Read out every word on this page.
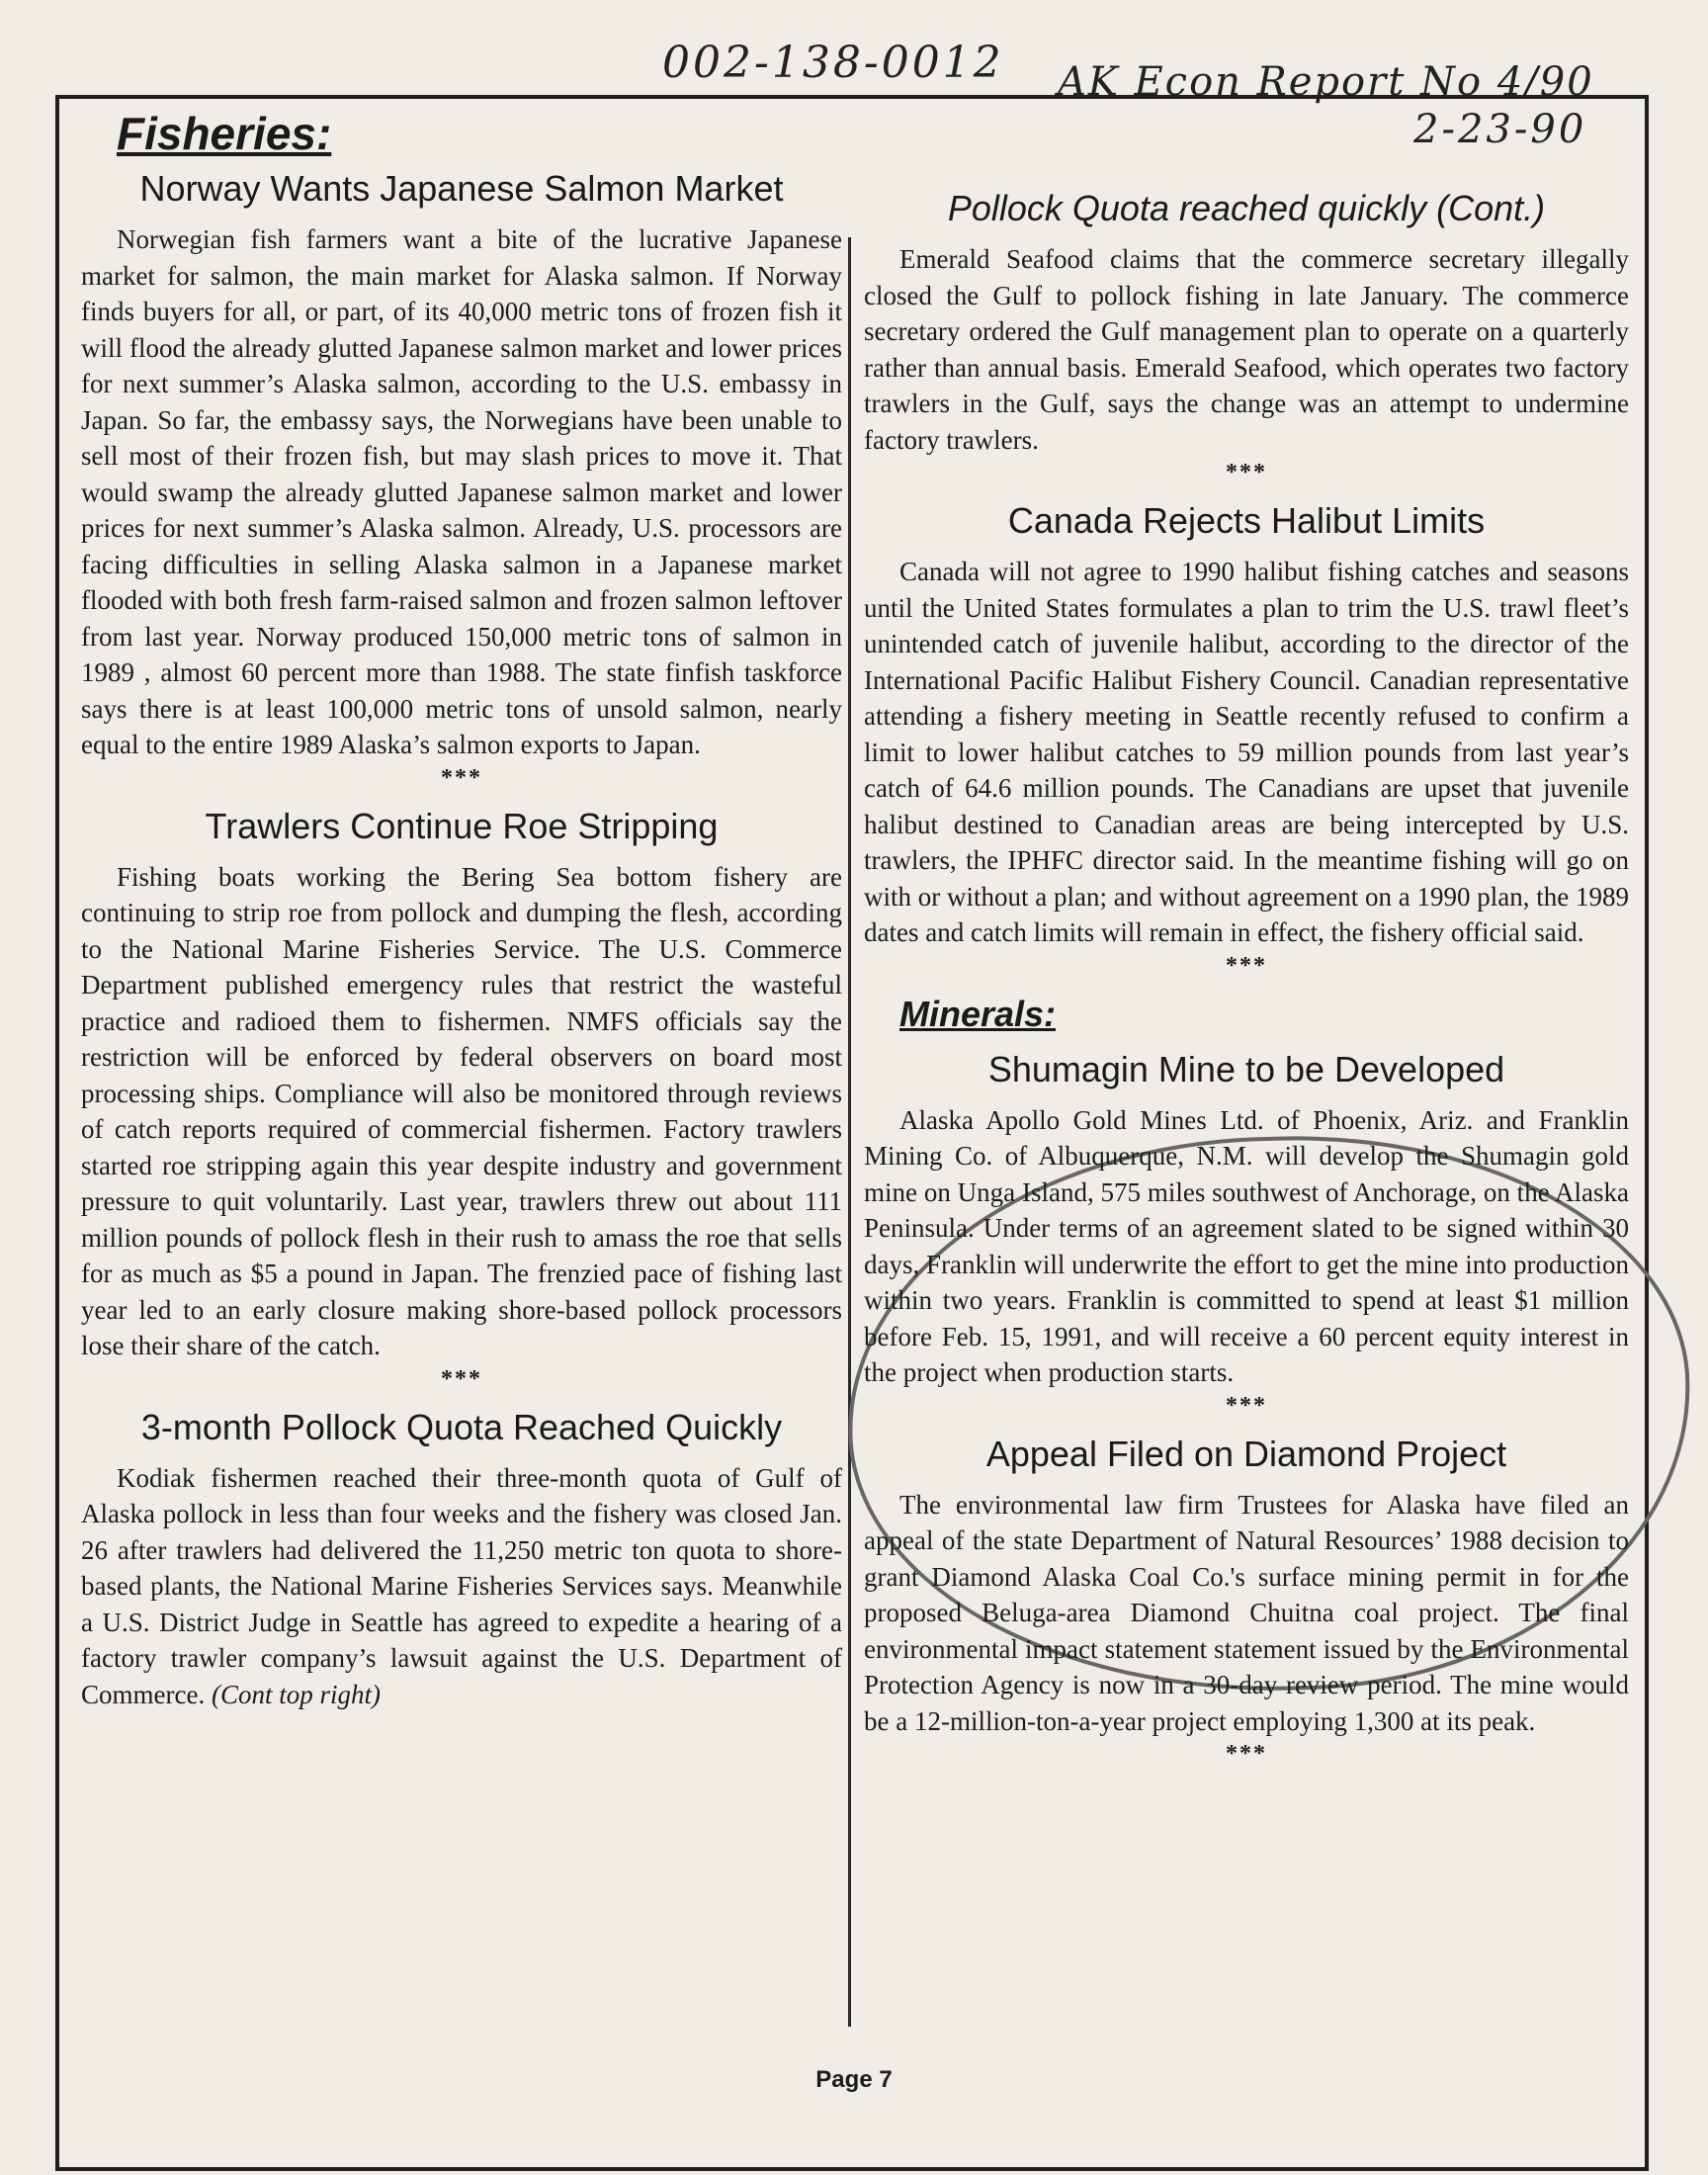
002-138-0012 AK Econ Report No 4/90
2-23-90
Fisheries:
Norway Wants Japanese Salmon Market

Norwegian fish farmers want a bite of the lucrative Japanese market for salmon, the main market for Alaska salmon. If Norway finds buyers for all, or part, of its 40,000 metric tons of frozen fish it will flood the already glutted Japanese salmon market and lower prices for next summer’s Alaska salmon, according to the U.S. embassy in Japan. So far, the embassy says, the Norwegians have been unable to sell most of their frozen fish, but may slash prices to move it. That would swamp the already glutted Japanese salmon market and lower prices for next summer’s Alaska salmon. Already, U.S. processors are facing difficulties in selling Alaska salmon in a Japanese market flooded with both fresh farm-raised salmon and frozen salmon leftover from last year. Norway produced 150,000 metric tons of salmon in 1989 , almost 60 percent more than 1988. The state finfish taskforce says there is at least 100,000 metric tons of unsold salmon, nearly equal to the entire 1989 Alaska’s salmon exports to Japan.

***
Trawlers Continue Roe Stripping

Fishing boats working the Bering Sea bottom fishery are continuing to strip roe from pollock and dumping the flesh, according to the National Marine Fisheries Service. The U.S. Commerce Department published emergency rules that restrict the wasteful practice and radioed them to fishermen. NMFS officials say the restriction will be enforced by federal observers on board most processing ships. Compliance will also be monitored through reviews of catch reports required of commercial fishermen. Factory trawlers started roe stripping again this year despite industry and government pressure to quit voluntarily. Last year, trawlers threw out about 111 million pounds of pollock flesh in their rush to amass the roe that sells for as much as $5 a pound in Japan. The frenzied pace of fishing last year led to an early closure making shore-based pollock processors lose their share of the catch.

***
3-month Pollock Quota Reached Quickly

Kodiak fishermen reached their three-month quota of Gulf of Alaska pollock in less than four weeks and the fishery was closed Jan. 26 after trawlers had delivered the 11,250 metric ton quota to shore-based plants, the National Marine Fisheries Services says. Meanwhile a U.S. District Judge in Seattle has agreed to expedite a hearing of a factory trawler company’s lawsuit against the U.S. Department of Commerce. (Cont top right)

Pollock Quota reached quickly (Cont.)

Emerald Seafood claims that the commerce secretary illegally closed the Gulf to pollock fishing in late January. The commerce secretary ordered the Gulf management plan to operate on a quarterly rather than annual basis. Emerald Seafood, which operates two factory trawlers in the Gulf, says the change was an attempt to undermine factory trawlers.

***
Canada Rejects Halibut Limits

Canada will not agree to 1990 halibut fishing catches and seasons until the United States formulates a plan to trim the U.S. trawl fleet’s unintended catch of juvenile halibut, according to the director of the International Pacific Halibut Fishery Council. Canadian representative attending a fishery meeting in Seattle recently refused to confirm a limit to lower halibut catches to 59 million pounds from last year’s catch of 64.6 million pounds. The Canadians are upset that juvenile halibut destined to Canadian areas are being intercepted by U.S. trawlers, the IPHFC director said. In the meantime fishing will go on with or without a plan; and without agreement on a 1990 plan, the 1989 dates and catch limits will remain in effect, the fishery official said.

***
Minerals:
Shumagin Mine to be Developed

Alaska Apollo Gold Mines Ltd. of Phoenix, Ariz. and Franklin Mining Co. of Albuquerque, N.M. will develop the Shumagin gold mine on Unga Island, 575 miles southwest of Anchorage, on the Alaska Peninsula. Under terms of an agreement slated to be signed within 30 days, Franklin will underwrite the effort to get the mine into production within two years. Franklin is committed to spend at least $1 million before Feb. 15, 1991, and will receive a 60 percent equity interest in the project when production starts.

***
Appeal Filed on Diamond Project

The environmental law firm Trustees for Alaska have filed an appeal of the state Department of Natural Resources’ 1988 decision to grant Diamond Alaska Coal Co.'s surface mining permit in for the proposed Beluga-area Diamond Chuitna coal project. The final environmental impact statement statement issued by the Environmental Protection Agency is now in a 30-day review period. The mine would be a 12-million-ton-a-year project employing 1,300 at its peak.

***
Page 7
